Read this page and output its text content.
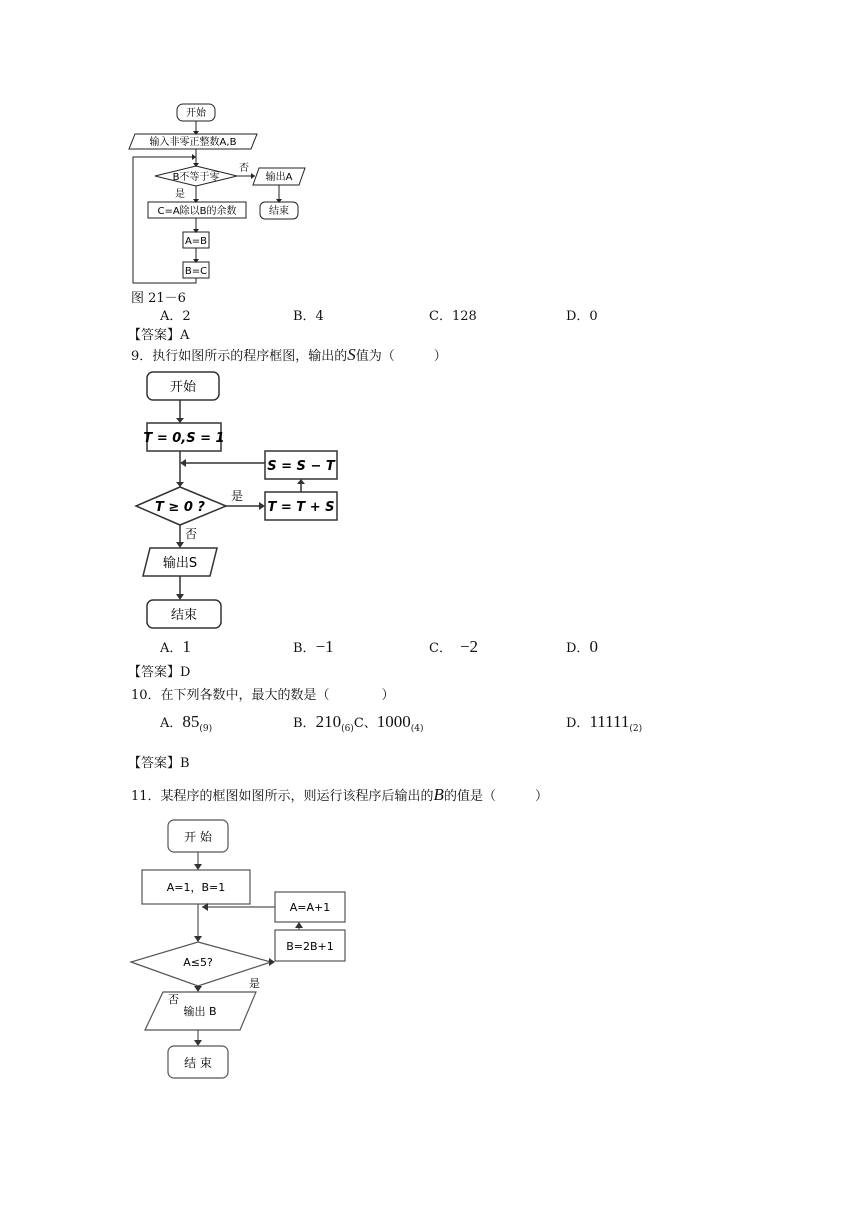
开始
输入非零正整数A,B
B不等于零
否
是
输出A
结束
C=A除以B的余数
A=B
B=C
图 21－6
A．2	B．4	C．128	D．0
【答案】A
9．执行如图所示的程序框图，输出的S值为（　　　）
开始
T = 0,S = 1
T ≥ 0 ?
是
否
T = T + S
S = S − T
输出S
结束
A．1	B．−1	C． −2	D．0
【答案】D
10．在下列各数中，最大的数是（　　　　）
A．$85_{(9)}$	B．$210_{(6)}C$、$1000_{(4)}$	D．$11111_{(2)}$
【答案】B
11．某程序的框图如图所示，则运行该程序后输出的B的值是（　　　）
开 始
A=1，B=1
A≤5?
否
是
B=2B+1
A=A+1
输出 B
结 束
